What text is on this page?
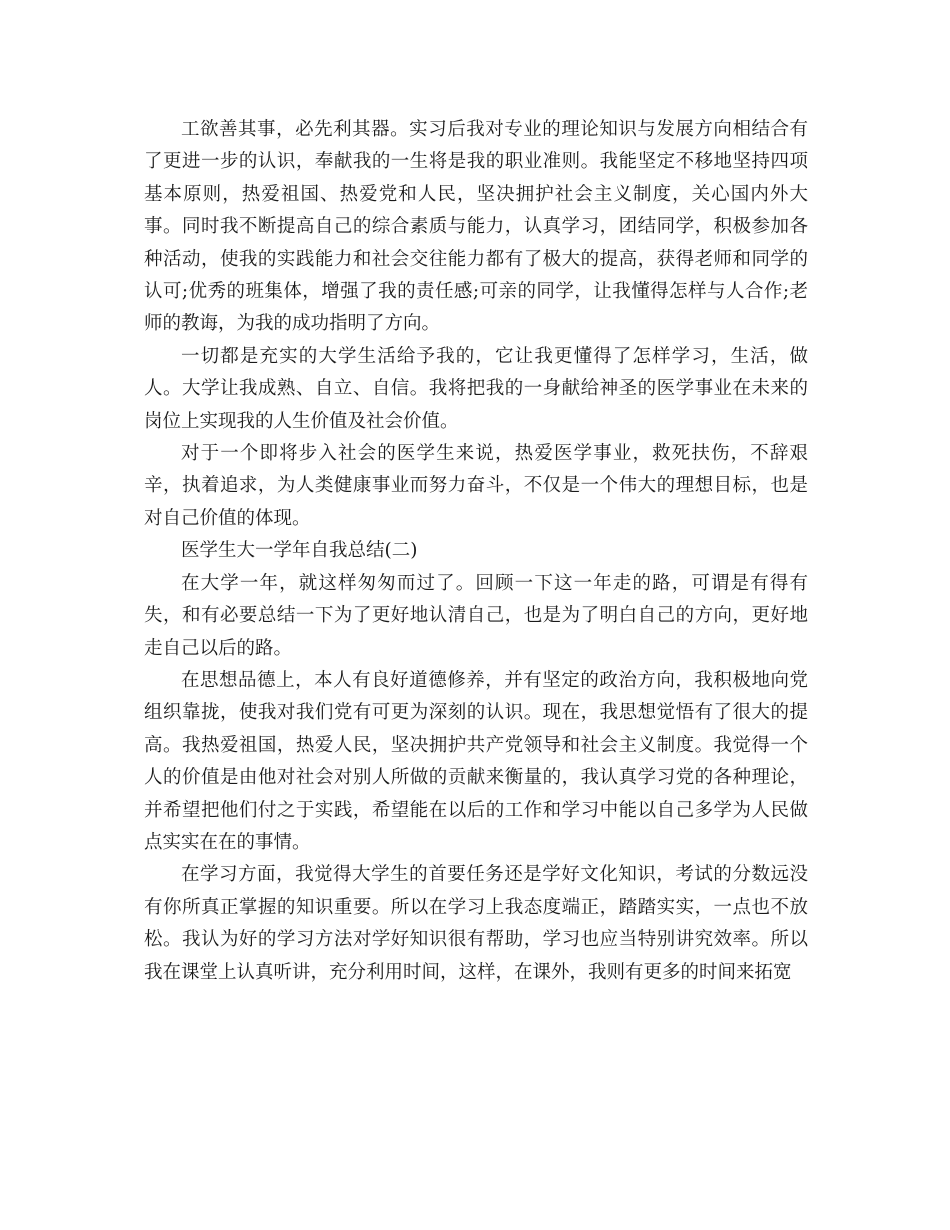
工欲善其事，必先利其器。实习后我对专业的理论知识与发展方向相结合有了更进一步的认识，奉献我的一生将是我的职业准则。我能坚定不移地坚持四项基本原则，热爱祖国、热爱党和人民，坚决拥护社会主义制度，关心国内外大事。同时我不断提高自己的综合素质与能力，认真学习，团结同学，积极参加各种活动，使我的实践能力和社会交往能力都有了极大的提高，获得老师和同学的认可;优秀的班集体，增强了我的责任感;可亲的同学，让我懂得怎样与人合作;老师的教诲，为我的成功指明了方向。

一切都是充实的大学生活给予我的，它让我更懂得了怎样学习，生活，做人。大学让我成熟、自立、自信。我将把我的一身献给神圣的医学事业在未来的岗位上实现我的人生价值及社会价值。

对于一个即将步入社会的医学生来说，热爱医学事业，救死扶伤，不辞艰辛，执着追求，为人类健康事业而努力奋斗，不仅是一个伟大的理想目标，也是对自己价值的体现。

医学生大一学年自我总结(二)

在大学一年，就这样匆匆而过了。回顾一下这一年走的路，可谓是有得有失，和有必要总结一下为了更好地认清自己，也是为了明白自己的方向，更好地走自己以后的路。

在思想品德上，本人有良好道德修养，并有坚定的政治方向，我积极地向党组织靠拢，使我对我们党有可更为深刻的认识。现在，我思想觉悟有了很大的提高。我热爱祖国，热爱人民，坚决拥护共产党领导和社会主义制度。我觉得一个人的价值是由他对社会对别人所做的贡献来衡量的，我认真学习党的各种理论，并希望把他们付之于实践，希望能在以后的工作和学习中能以自己多学为人民做点实实在在的事情。

在学习方面，我觉得大学生的首要任务还是学好文化知识，考试的分数远没有你所真正掌握的知识重要。所以在学习上我态度端正，踏踏实实，一点也不放松。我认为好的学习方法对学好知识很有帮助，学习也应当特别讲究效率。所以我在课堂上认真听讲，充分利用时间，这样，在课外，我则有更多的时间来拓宽
